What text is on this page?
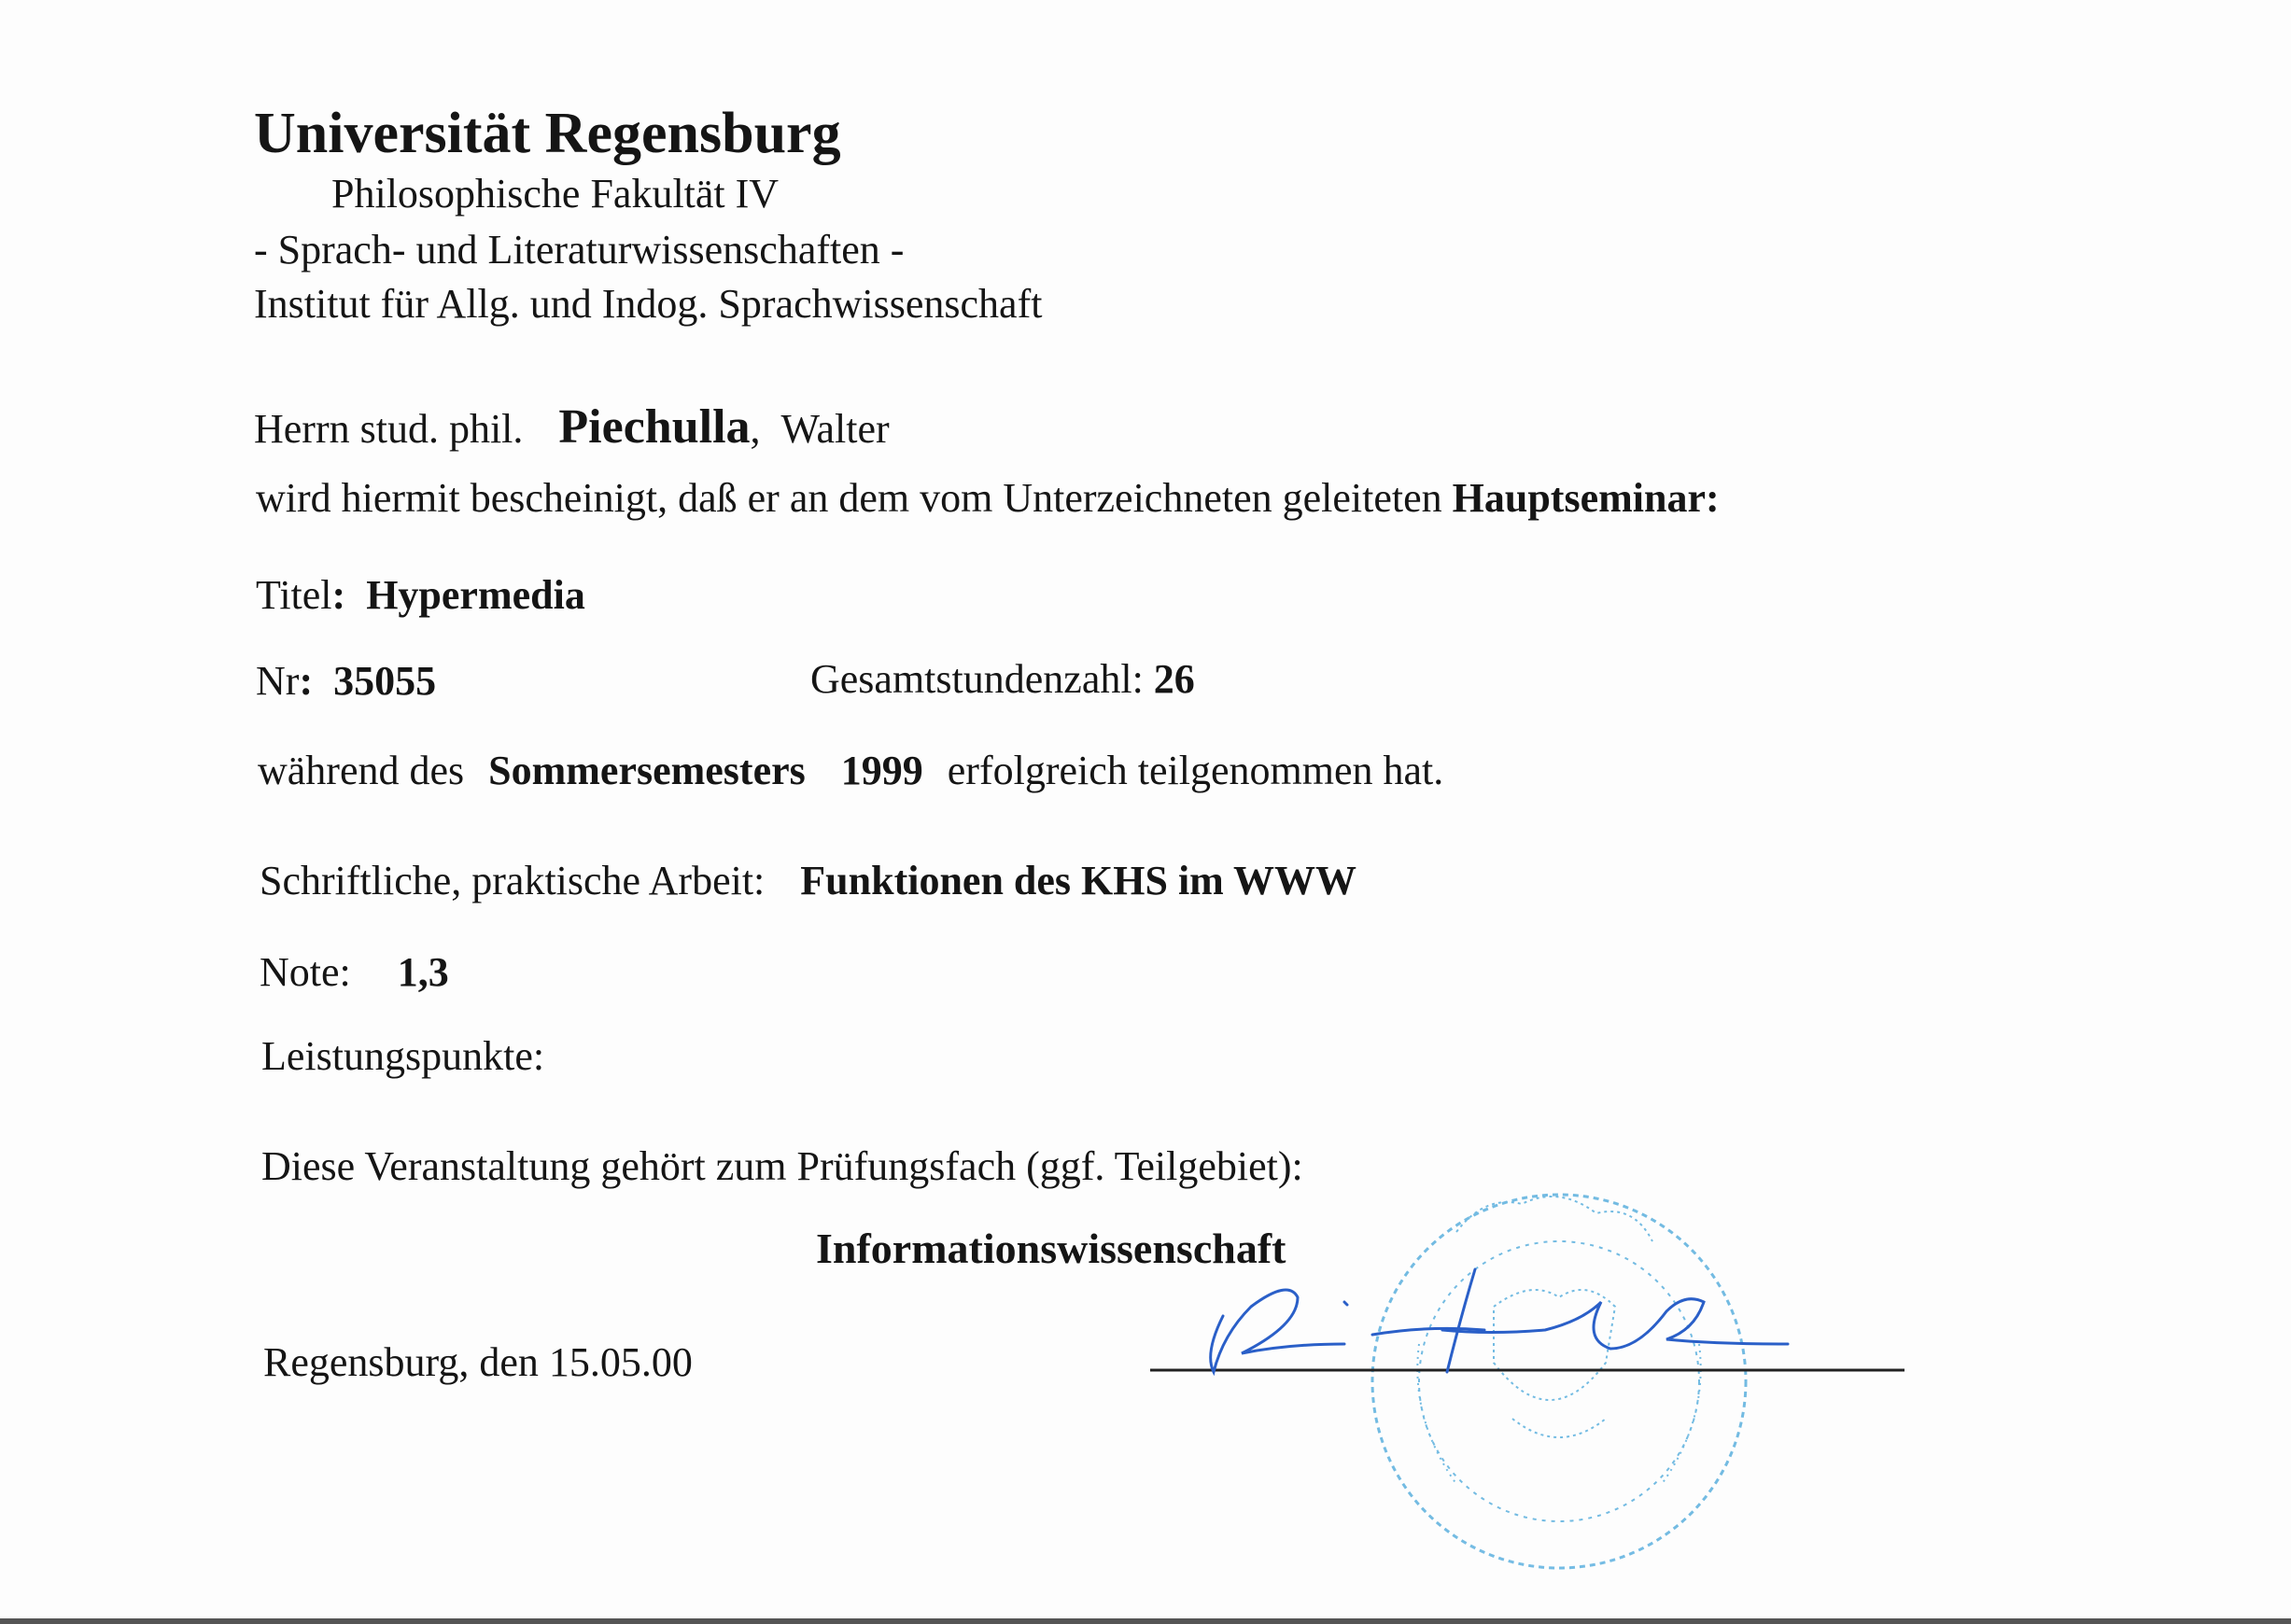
Universität Regensburg
Philosophische Fakultät IV
- Sprach- und Literaturwissenschaften -
Institut für Allg. und Indog. Sprachwissenschaft
Herrn stud. phil. Piechulla, Walter
wird hiermit bescheinigt, daß er an dem vom Unterzeichneten geleiteten Hauptseminar:
Titel: Hypermedia
Nr: 35055	Gesamtstundenzahl: 26
während des Sommersemesters 1999 erfolgreich teilgenommen hat.
Schriftliche, praktische Arbeit: Funktionen des KHS im WWW
Note: 1,3
Leistungspunkte:
Diese Veranstaltung gehört zum Prüfungsfach (ggf. Teilgebiet):
Informationswissenschaft
Regensburg, den 15.05.00
